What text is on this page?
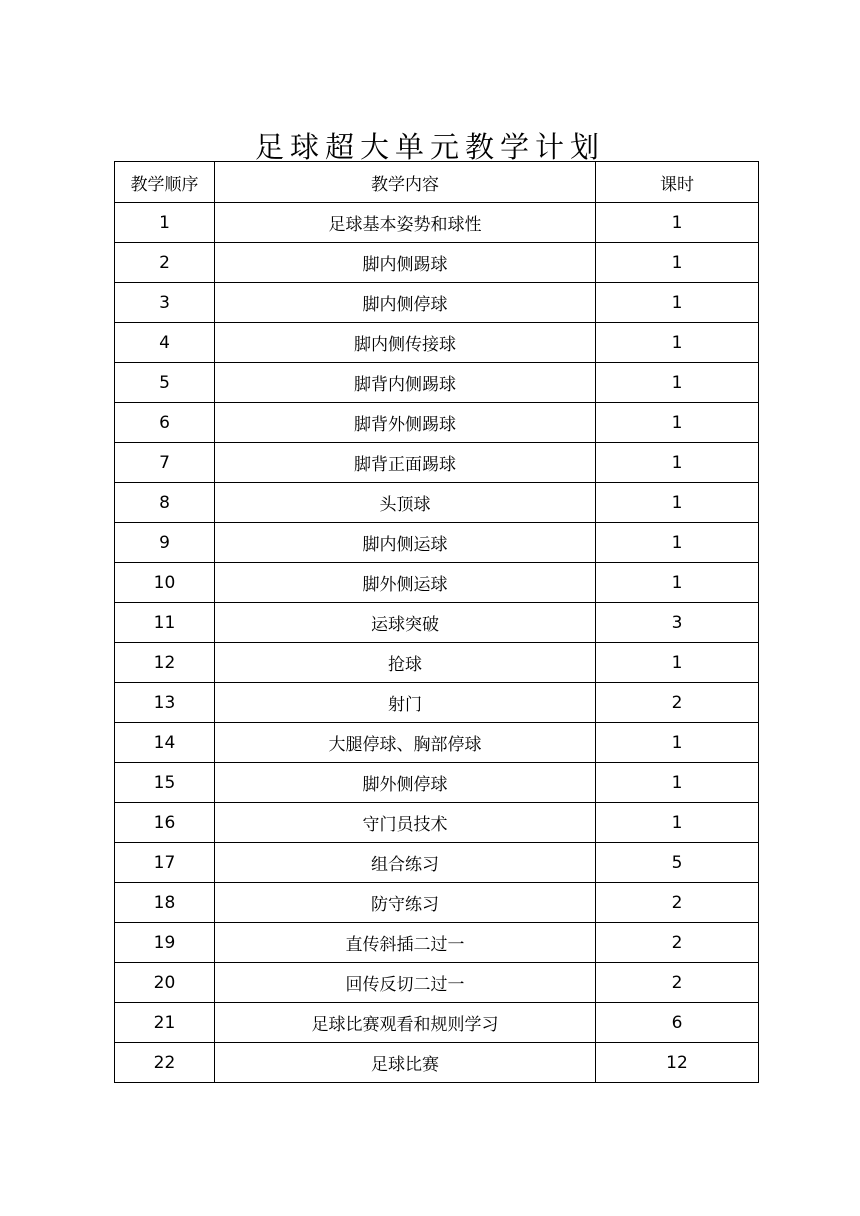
足球超大单元教学计划
教学顺序	教学内容	课时
1	足球基本姿势和球性	1
2	脚内侧踢球	1
3	脚内侧停球	1
4	脚内侧传接球	1
5	脚背内侧踢球	1
6	脚背外侧踢球	1
7	脚背正面踢球	1
8	头顶球	1
9	脚内侧运球	1
10	脚外侧运球	1
11	运球突破	3
12	抢球	1
13	射门	2
14	大腿停球、胸部停球	1
15	脚外侧停球	1
16	守门员技术	1
17	组合练习	5
18	防守练习	2
19	直传斜插二过一	2
20	回传反切二过一	2
21	足球比赛观看和规则学习	6
22	足球比赛	12
